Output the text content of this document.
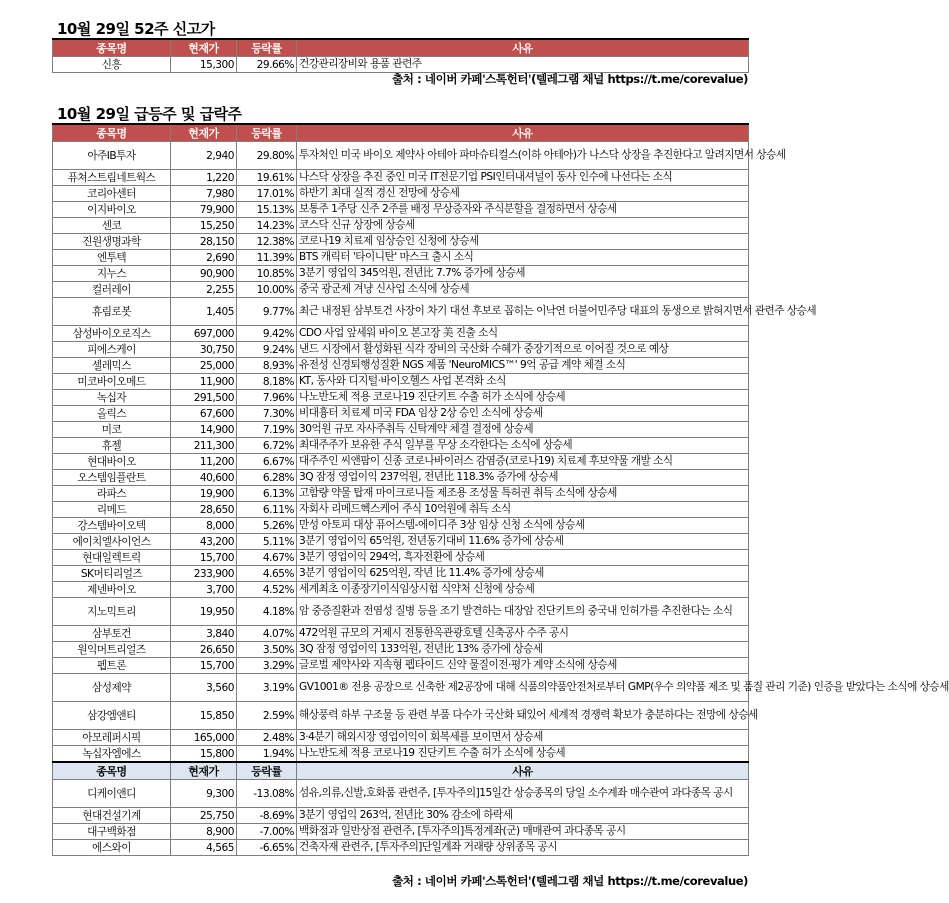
10월 29일 52주 신고가
종목명	현재가	등락률	사유
신흥	15,300	29.66%	건강관리장비와 용품 관련주
출처 : 네이버 카페'스톡헌터'(텔레그램 채널 https://t.me/corevalue)
10월 29일 급등주 및 급락주
종목명	현재가	등락률	사유
아주IB투자	2,940	29.80%	투자처인 미국 바이오 제약사 아테아 파마슈티컬스(이하 아테아)가 나스닥 상장을 추진한다고 알려지면서 상승세
퓨쳐스트림네트웍스	1,220	19.61%	나스닥 상장을 추진 중인 미국 IT전문기업 PSI인터내셔널이 동사 인수에 나선다는 소식
코리아센터	7,980	17.01%	하반기 최대 실적 경신 전망에 상승세
이지바이오	79,900	15.13%	보통주 1주당 신주 2주를 배정 무상증자와 주식분할을 결정하면서 상승세
센코	15,250	14.23%	코스닥 신규 상장에 상승세
진원생명과학	28,150	12.38%	코로나19 치료제 임상승인 신청에 상승세
엔투텍	2,690	11.39%	BTS 캐릭터 '타이니탄' 마스크 출시 소식
지누스	90,900	10.85%	3분기 영업익 345억원, 전년比 7.7% 증가에 상승세
컬러레이	2,255	10.00%	중국 광군제 겨냥 신사업 소식에 상승세
휴림로봇	1,405	9.77%	최근 내정된 삼부토건 사장이 차기 대선 후보로 꼽히는 이낙연 더불어민주당 대표의 동생으로 밝혀지면서 관련주 상승세
삼성바이오로직스	697,000	9.42%	CDO 사업 앞세워 바이오 본고장 美 진출 소식
피에스케이	30,750	9.24%	낸드 시장에서 활성화된 식각 장비의 국산화 수혜가 중장기적으로 이어질 것으로 예상
셀레믹스	25,000	8.93%	유전성 신경퇴행성질환 NGS 제품 'NeuroMICS™' 9억 공급 계약 체결 소식
미코바이오메드	11,900	8.18%	KT, 동사와 디지털·바이오헬스 사업 본격화 소식
녹십자	291,500	7.96%	나노반도체 적용 코로나19 진단키트 수출 허가 소식에 상승세
올릭스	67,600	7.30%	비대흉터 치료제 미국 FDA 임상 2상 승인 소식에 상승세
미코	14,900	7.19%	30억원 규모 자사주취득 신탁계약 체결 결정에 상승세
휴젤	211,300	6.72%	최대주주가 보유한 주식 일부를 무상 소각한다는 소식에 상승세
현대바이오	11,200	6.67%	대주주인 씨앤팜이 신종 코로나바이러스 감염증(코로나19) 치료제 후보약물 개발 소식
오스템임플란트	40,600	6.28%	3Q 잠정 영업이익 237억원, 전년比 118.3% 증가에 상승세
라파스	19,900	6.13%	고함량 약물 탑재 마이크로니들 제조용 조성물 특허권 취득 소식에 상승세
리메드	28,650	6.11%	자회사 리메드헥스케어 주식 10억원에 취득 소식
강스템바이오텍	8,000	5.26%	만성 아토피 대상 퓨어스템-에이디주 3상 임상 신청 소식에 상승세
에이치엘사이언스	43,200	5.11%	3분기 영업이익 65억원, 전년동기대비 11.6% 증가에 상승세
현대일렉트릭	15,700	4.67%	3분기 영업이익 294억, 흑자전환에 상승세
SK머티리얼즈	233,900	4.65%	3분기 영업이익 625억원, 작년 比 11.4% 증가에 상승세
제넨바이오	3,700	4.52%	세계최초 이종장기이식임상시험 식약처 신청에 상승세
지노믹트리	19,950	4.18%	암 중증질환과 전염성 질병 등을 조기 발견하는 대장암 진단키트의 중국내 인허가를 추진한다는 소식
삼부토건	3,840	4.07%	472억원 규모의 거제시 전통한옥관광호텔 신축공사 수주 공시
원익머트리얼즈	26,650	3.50%	3Q 잠정 영업이익 133억원, 전년比 13% 증가에 상승세
펩트론	15,700	3.29%	글로벌 제약사와 지속형 펩타이드 신약 물질이전·평가 계약 소식에 상승세
삼성제약	3,560	3.19%	GV1001® 전용 공장으로 신축한 제2공장에 대해 식품의약품안전처로부터 GMP(우수 의약품 제조 및 품질 관리 기준) 인증을 받았다는 소식에 상승세
삼강엠앤티	15,850	2.59%	해상풍력 하부 구조물 등 관련 부품 다수가 국산화 돼있어 세계적 경쟁력 확보가 충분하다는 전망에 상승세
아모레퍼시픽	165,000	2.48%	3·4분기 해외시장 영업이익이 회복세를 보이면서 상승세
녹십자엠에스	15,800	1.94%	나노반도체 적용 코로나19 진단키트 수출 허가 소식에 상승세
종목명	현재가	등락률	사유
디케이앤디	9,300	-13.08%	섬유,의류,신발,호화품 관련주, [투자주의]15일간 상승종목의 당일 소수계좌 매수관여 과다종목 공시
현대건설기계	25,750	-8.69%	3분기 영업익 263억, 전년比 30% 감소에 하락세
대구백화점	8,900	-7.00%	백화점과 일반상점 관련주, [투자주의]특정계좌(군) 매매관여 과다종목 공시
에스와이	4,565	-6.65%	건축자재 관련주, [투자주의]단일계좌 거래량 상위종목 공시
출처 : 네이버 카페'스톡헌터'(텔레그램 채널 https://t.me/corevalue)
